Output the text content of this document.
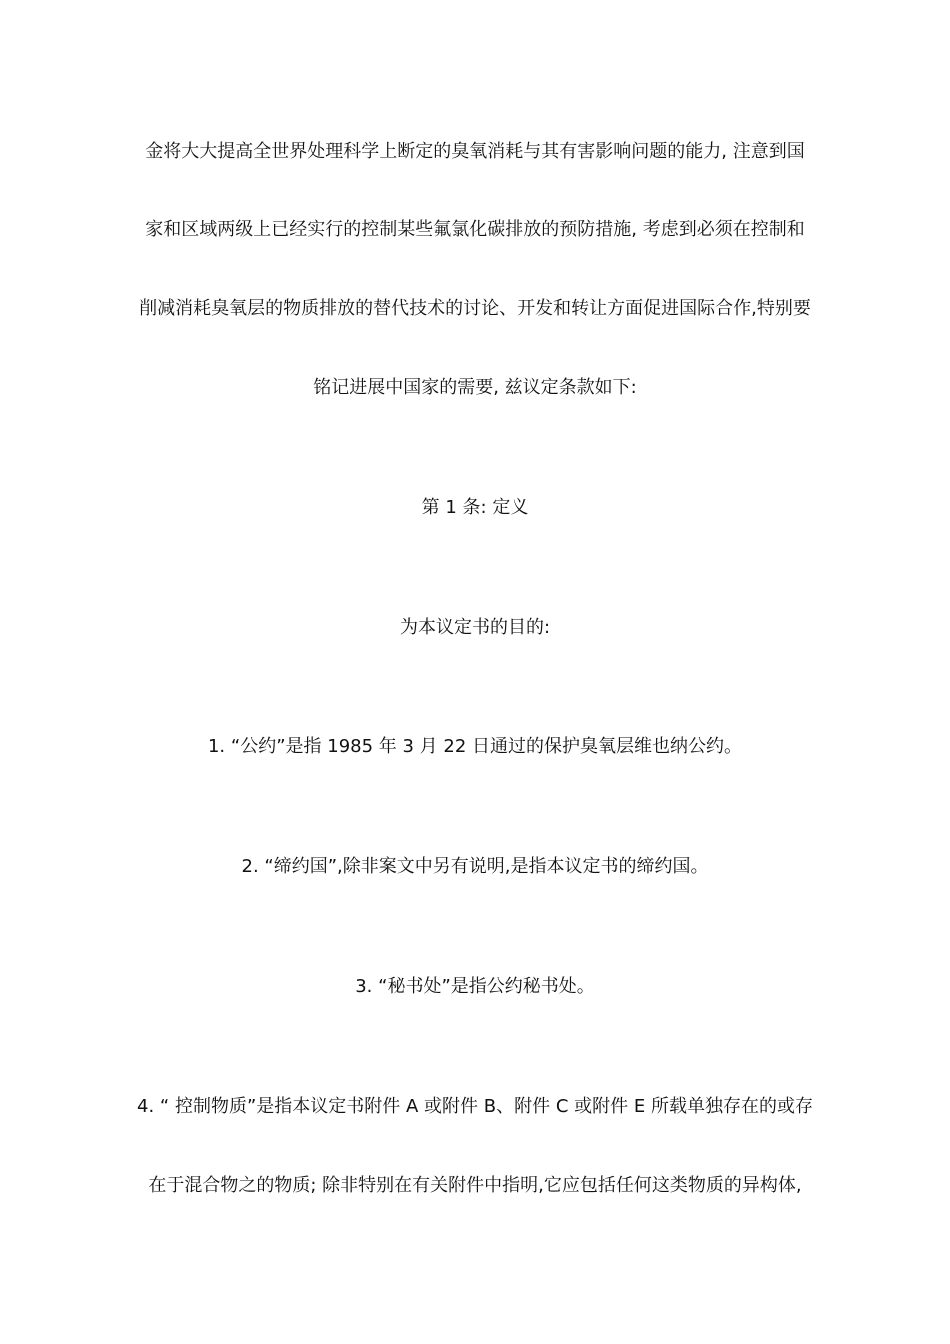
金将大大提高全世界处理科学上断定的臭氧消耗与其有害影响问题的能力, 注意到国
家和区域两级上已经实行的控制某些氟氯化碳排放的预防措施, 考虑到必须在控制和
削减消耗臭氧层的物质排放的替代技术的讨论、开发和转让方面促进国际合作,特别要
铭记进展中国家的需要, 兹议定条款如下:
第 1 条: 定义
为本议定书的目的:
1. “公约”是指 1985 年 3 月 22 日通过的保护臭氧层维也纳公约。
2. “缔约国”,除非案文中另有说明,是指本议定书的缔约国。
3. “秘书处”是指公约秘书处。
4. “ 控制物质”是指本议定书附件 A 或附件 B、附件 C 或附件 E 所载单独存在的或存
在于混合物之的物质; 除非特别在有关附件中指明,它应包括任何这类物质的异构体,
